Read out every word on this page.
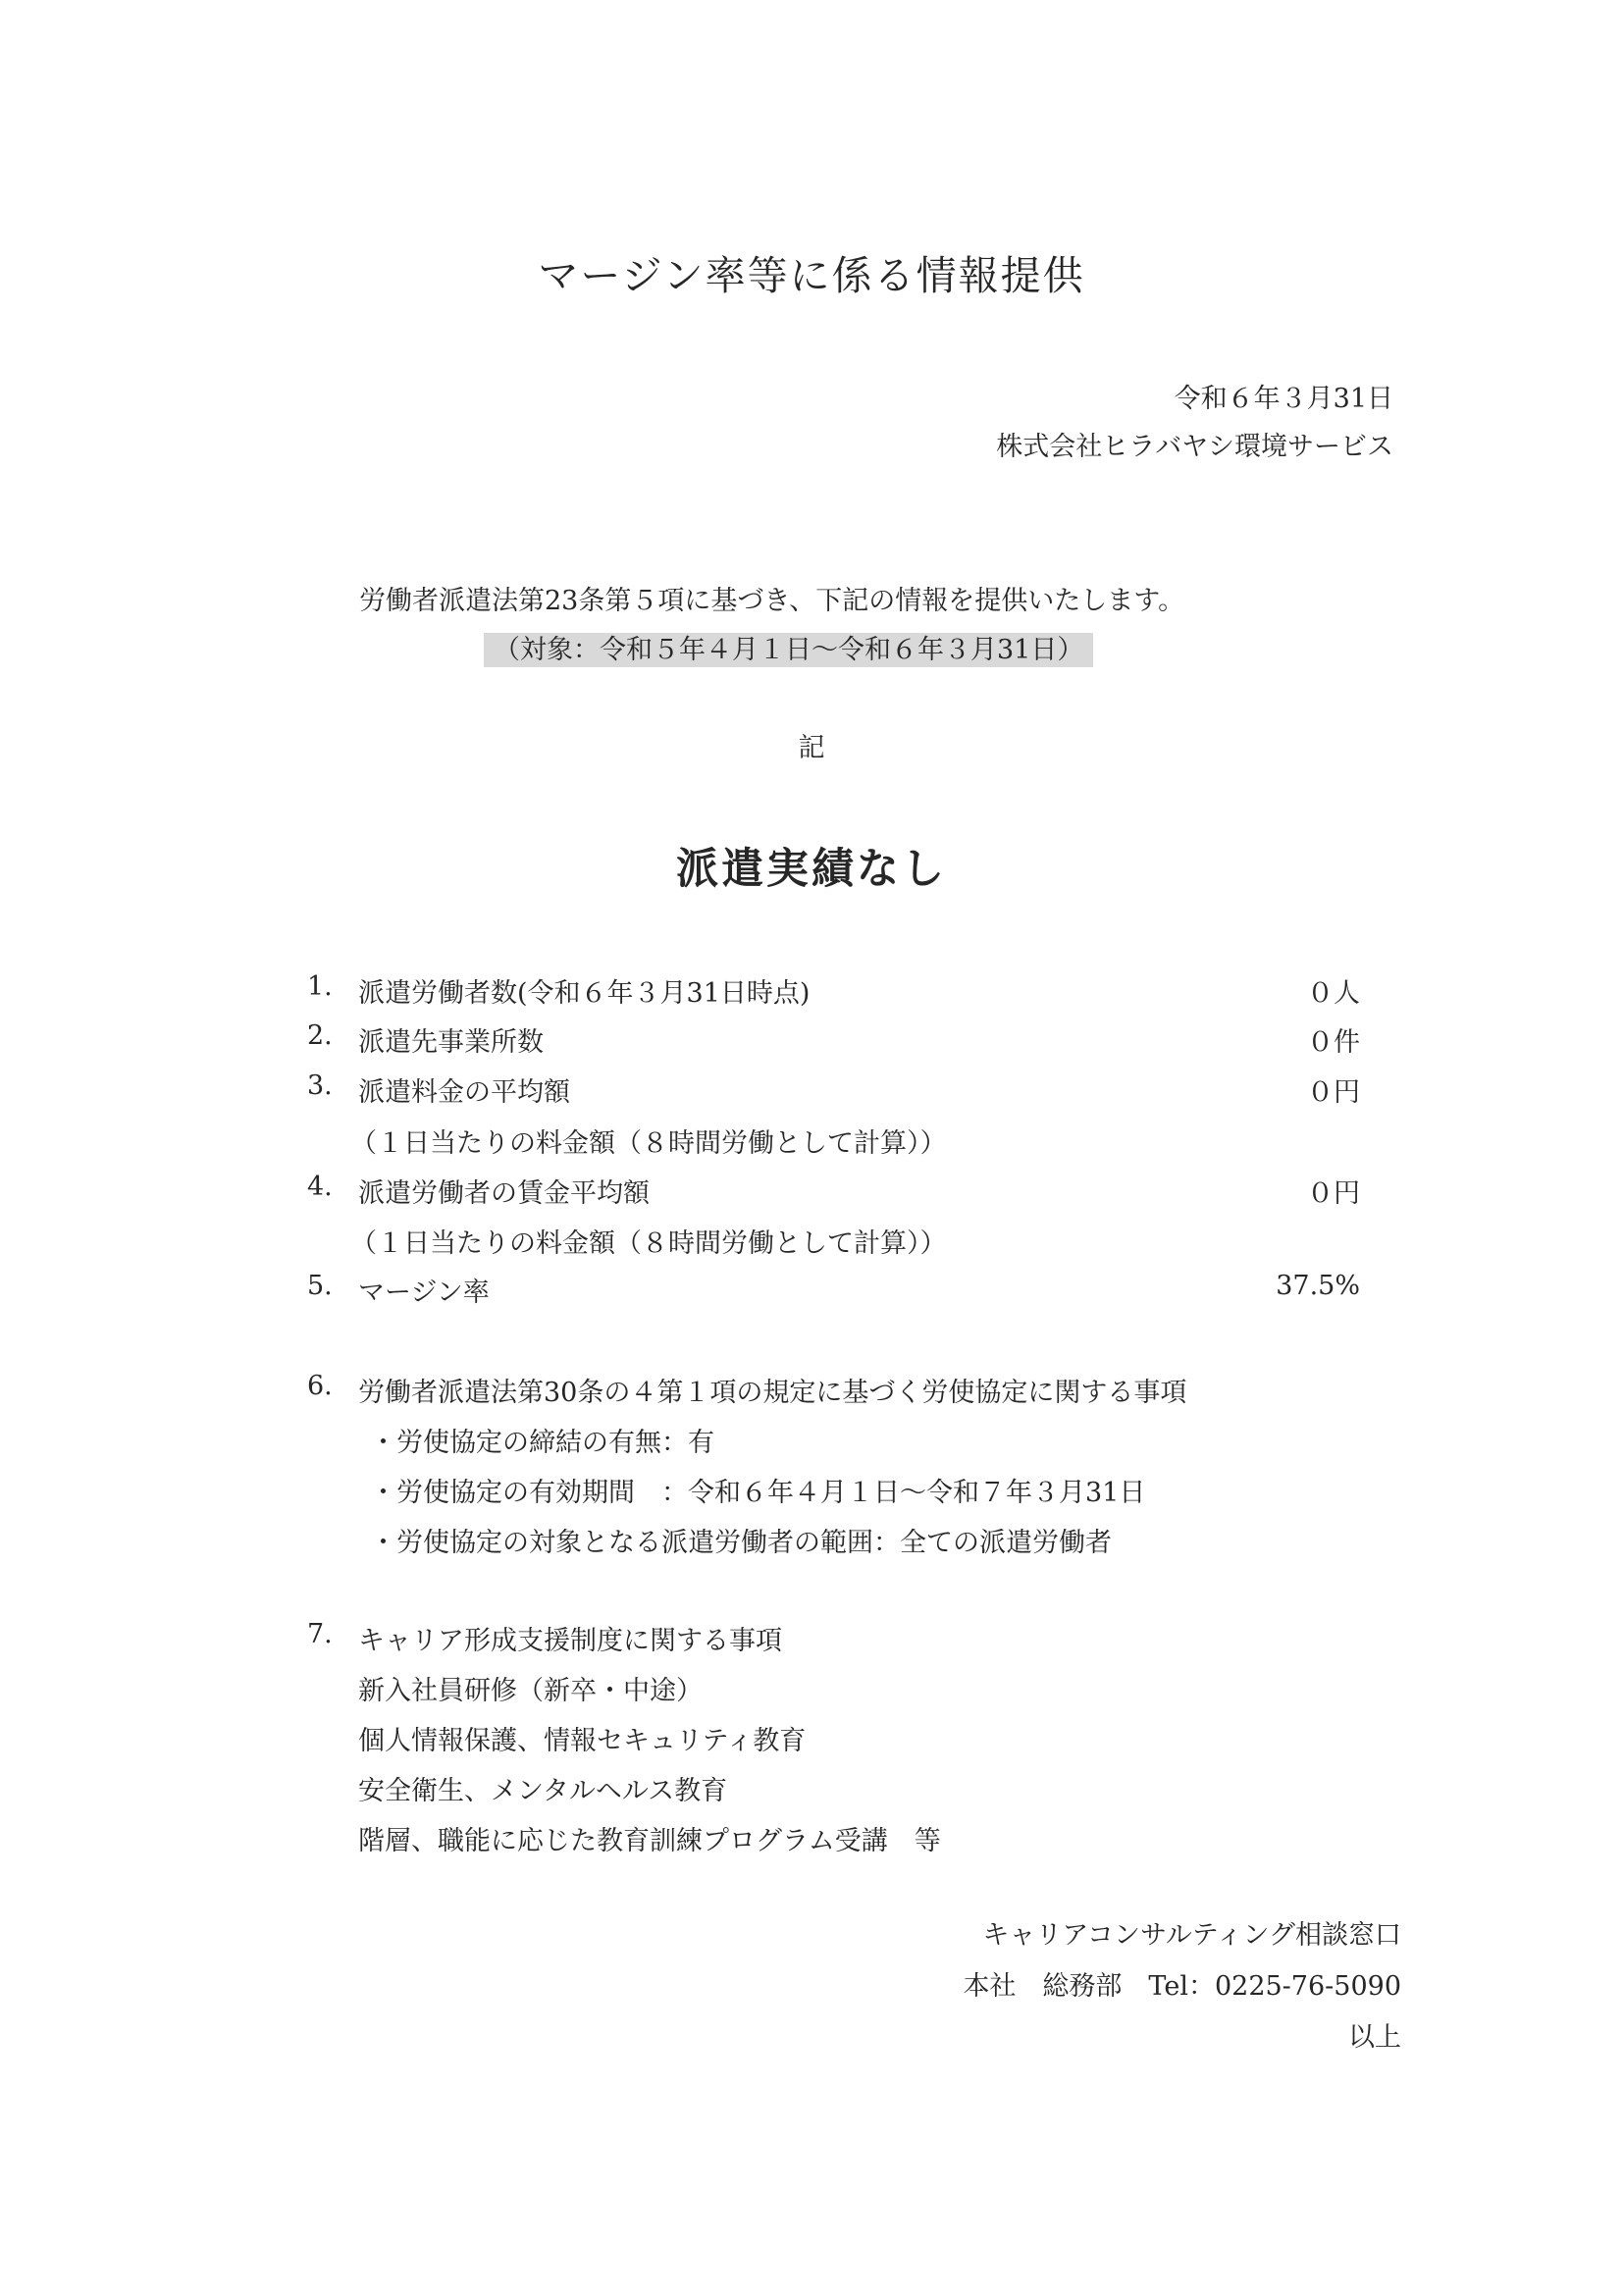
マージン率等に係る情報提供
令和６年３月31日
株式会社ヒラバヤシ環境サービス
労働者派遣法第23条第５項に基づき、下記の情報を提供いたします。
（対象：令和５年４月１日～令和６年３月31日）
記
派遣実績なし
1. 派遣労働者数(令和６年３月31日時点)	０人
2. 派遣先事業所数	０件
3. 派遣料金の平均額	０円
（１日当たりの料金額（８時間労働として計算））
4. 派遣労働者の賃金平均額	０円
（１日当たりの料金額（８時間労働として計算））
5. マージン率	37.5%
6. 労働者派遣法第30条の４第１項の規定に基づく労使協定に関する事項
・労使協定の締結の有無：有
・労使協定の有効期間　：令和６年４月１日～令和７年３月31日
・労使協定の対象となる派遣労働者の範囲：全ての派遣労働者
7. キャリア形成支援制度に関する事項
新入社員研修（新卒・中途）
個人情報保護、情報セキュリティ教育
安全衛生、メンタルヘルス教育
階層、職能に応じた教育訓練プログラム受講　等
キャリアコンサルティング相談窓口
本社　総務部　Tel：0225-76-5090
以上
